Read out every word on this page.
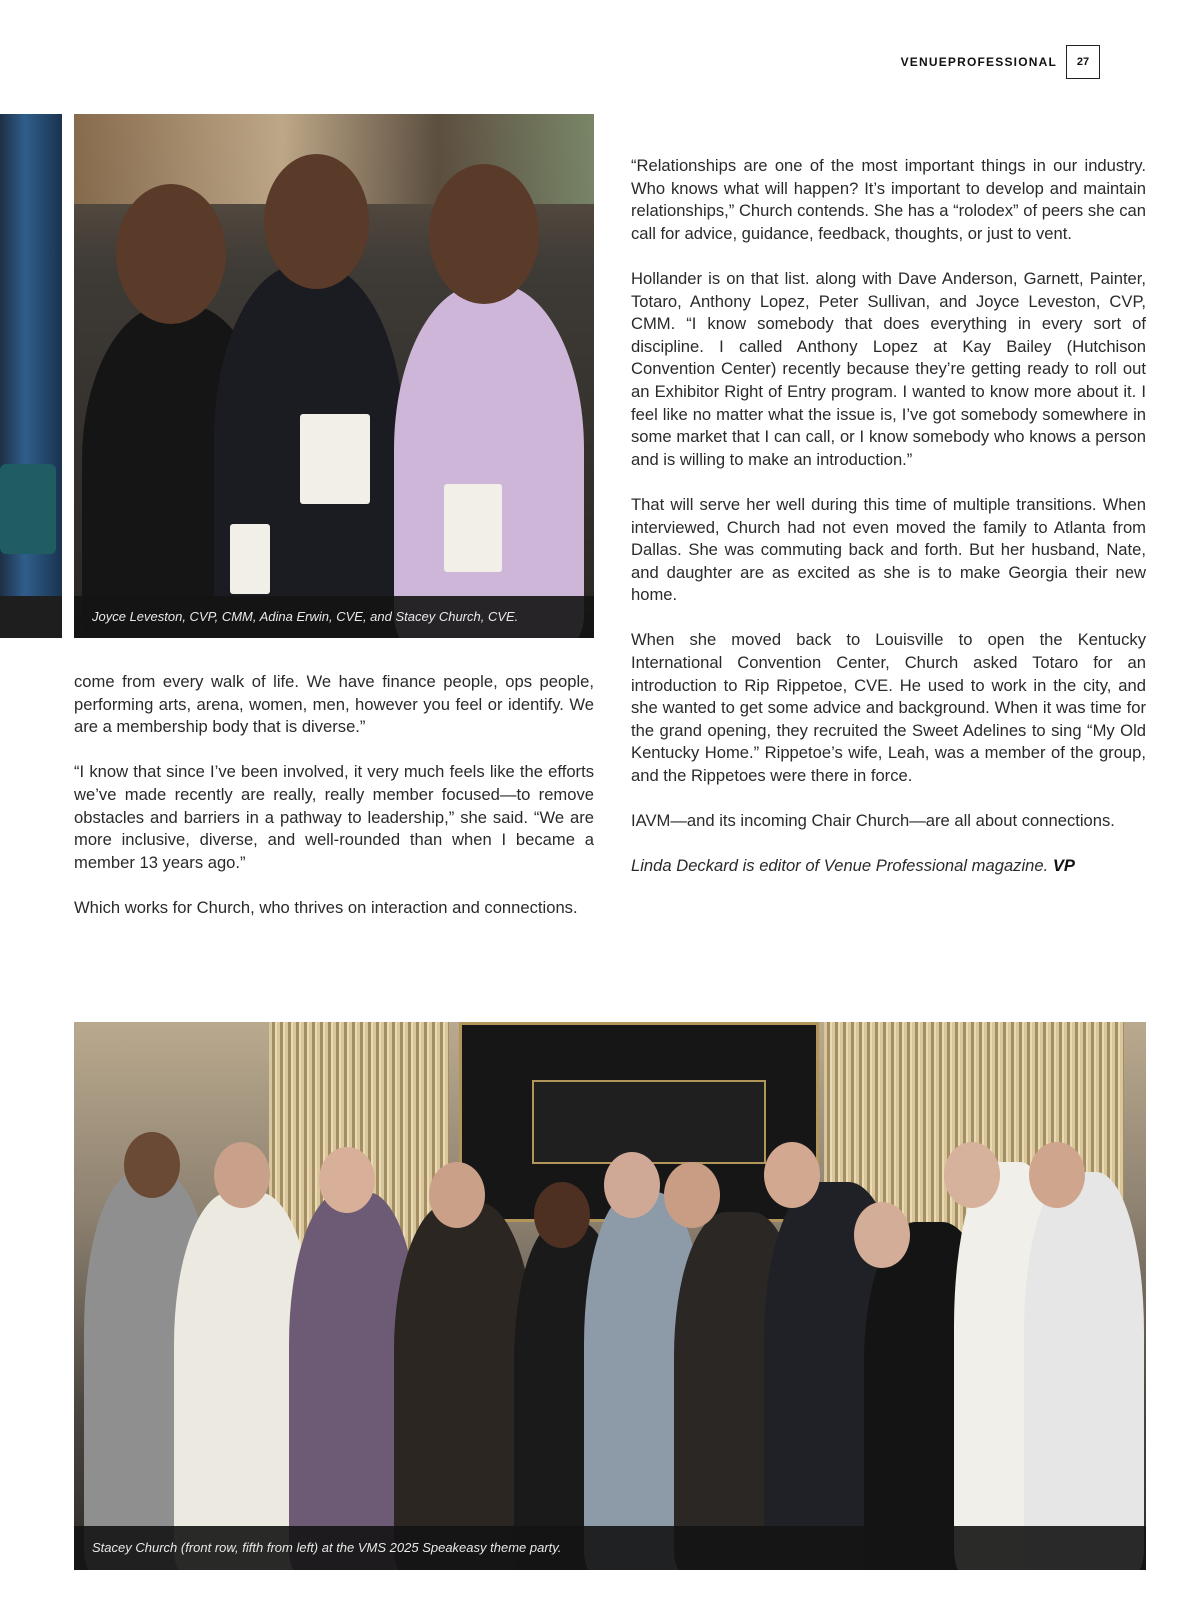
VENUEPROFESSIONAL	27
Joyce Leveston, CVP, CMM, Adina Erwin, CVE, and Stacey Church, CVE.

come from every walk of life. We have finance people, ops people, performing arts, arena, women, men, however you feel or identify. We are a membership body that is diverse.”

“I know that since I’ve been involved, it very much feels like the efforts we’ve made recently are really, really member focused—to remove obstacles and barriers in a pathway to leadership,” she said. “We are more inclusive, diverse, and well-rounded than when I became a member 13 years ago.”

Which works for Church, who thrives on interaction and connections.

“Relationships are one of the most important things in our industry. Who knows what will happen? It’s important to develop and maintain relationships,” Church contends. She has a “rolodex” of peers she can call for advice, guidance, feedback, thoughts, or just to vent.

Hollander is on that list. along with Dave Anderson, Garnett, Painter, Totaro, Anthony Lopez, Peter Sullivan, and Joyce Leveston, CVP, CMM. “I know somebody that does everything in every sort of discipline. I called Anthony Lopez at Kay Bailey (Hutchison Convention Center) recently because they’re getting ready to roll out an Exhibitor Right of Entry program. I wanted to know more about it. I feel like no matter what the issue is, I’ve got somebody somewhere in some market that I can call, or I know somebody who knows a person and is willing to make an introduction.”

That will serve her well during this time of multiple transitions. When interviewed, Church had not even moved the family to Atlanta from Dallas. She was commuting back and forth. But her husband, Nate, and daughter are as excited as she is to make Georgia their new home.

When she moved back to Louisville to open the Kentucky International Convention Center, Church asked Totaro for an introduction to Rip Rippetoe, CVE. He used to work in the city, and she wanted to get some advice and background. When it was time for the grand opening, they recruited the Sweet Adelines to sing “My Old Kentucky Home.” Rippetoe’s wife, Leah, was a member of the group, and the Rippetoes were there in force.

IAVM—and its incoming Chair Church—are all about connections.

Linda Deckard is editor of Venue Professional magazine. VP

Stacey Church (front row, fifth from left) at the VMS 2025 Speakeasy theme party.
